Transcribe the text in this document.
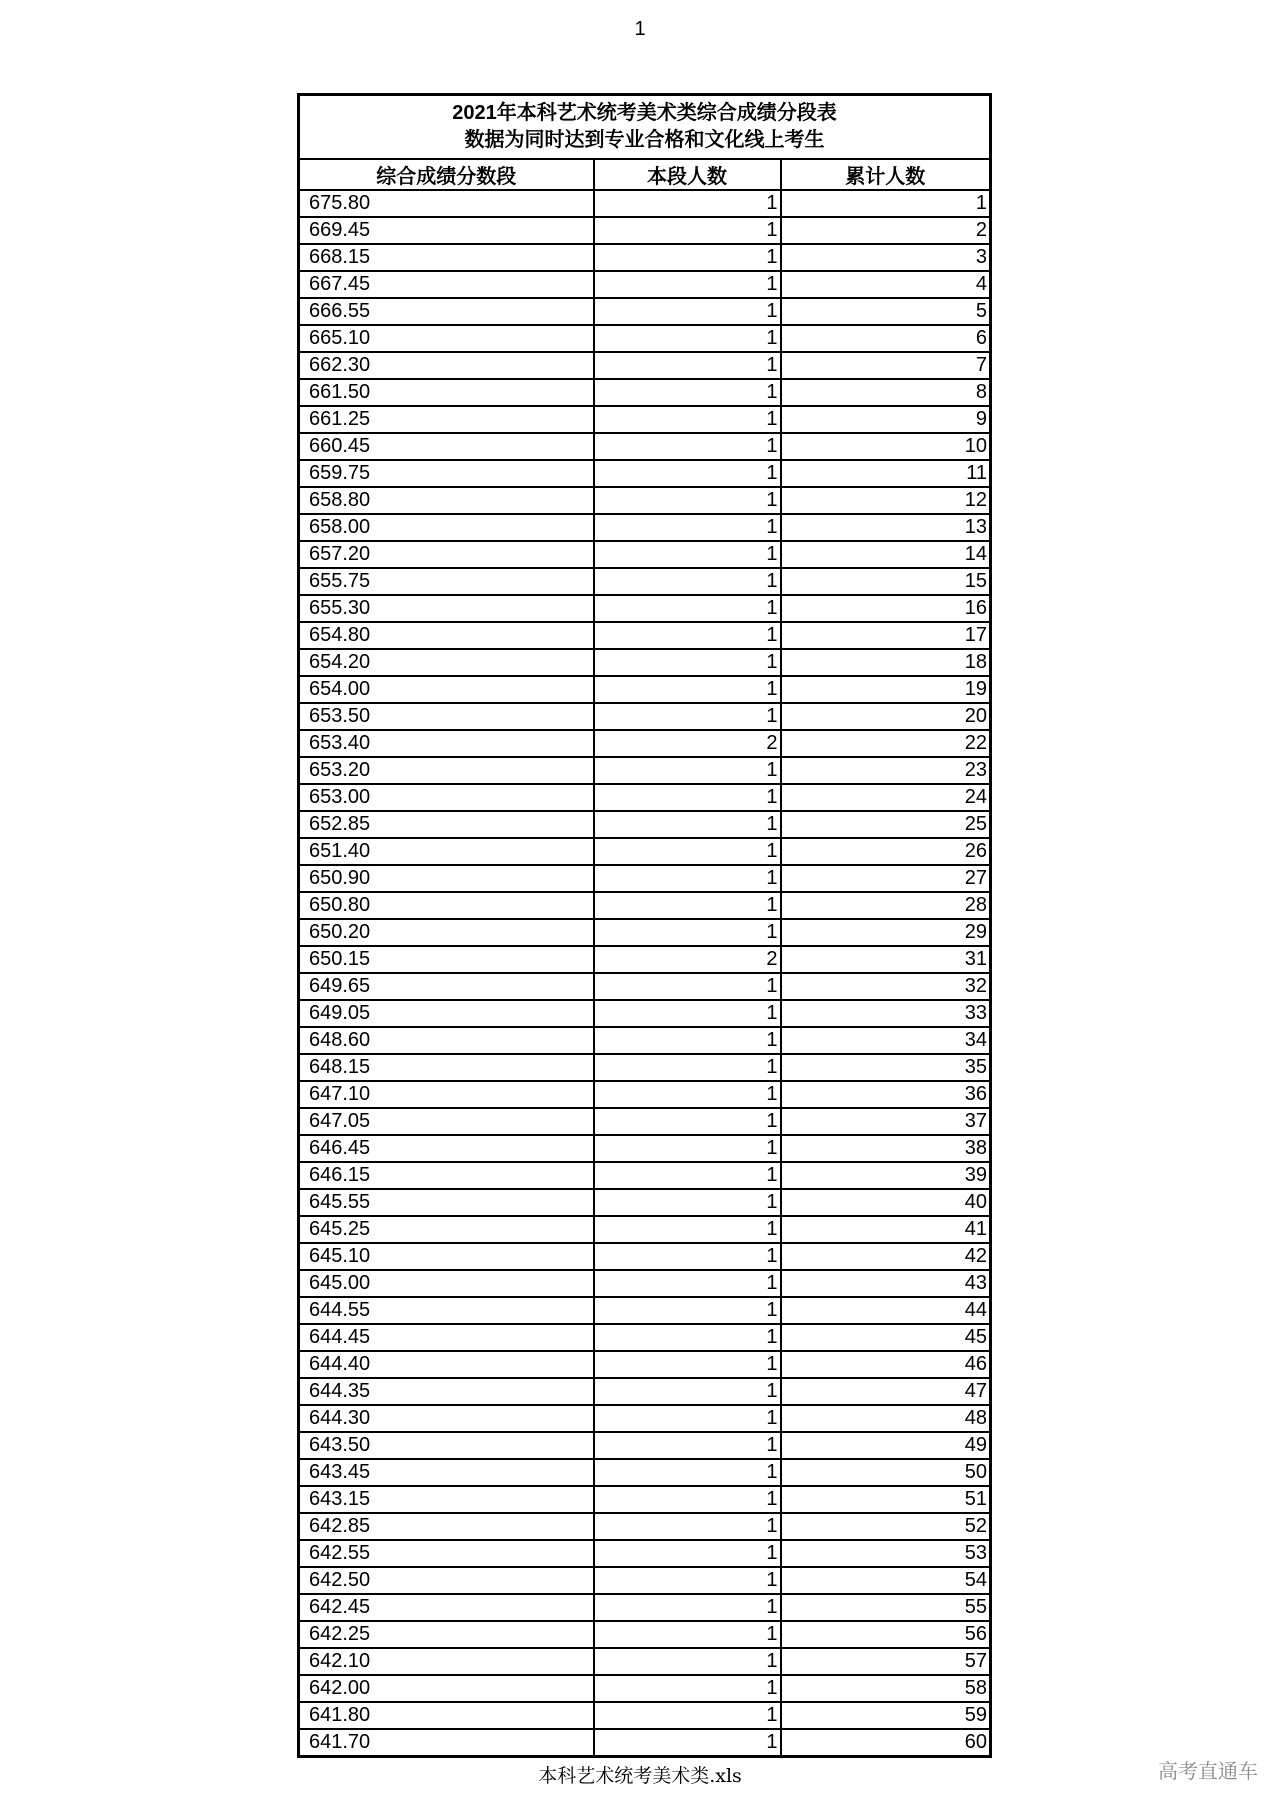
1
2021年本科艺术统考美术类综合成绩分段表
数据为同时达到专业合格和文化线上考生		

综合成绩分数段	本段人数	累计人数
675.80	1	1
669.45	1	2
668.15	1	3
667.45	1	4
666.55	1	5
665.10	1	6
662.30	1	7
661.50	1	8
661.25	1	9
660.45	1	10
659.75	1	11
658.80	1	12
658.00	1	13
657.20	1	14
655.75	1	15
655.30	1	16
654.80	1	17
654.20	1	18
654.00	1	19
653.50	1	20
653.40	2	22
653.20	1	23
653.00	1	24
652.85	1	25
651.40	1	26
650.90	1	27
650.80	1	28
650.20	1	29
650.15	2	31
649.65	1	32
649.05	1	33
648.60	1	34
648.15	1	35
647.10	1	36
647.05	1	37
646.45	1	38
646.15	1	39
645.55	1	40
645.25	1	41
645.10	1	42
645.00	1	43
644.55	1	44
644.45	1	45
644.40	1	46
644.35	1	47
644.30	1	48
643.50	1	49
643.45	1	50
643.15	1	51
642.85	1	52
642.55	1	53
642.50	1	54
642.45	1	55
642.25	1	56
642.10	1	57
642.00	1	58
641.80	1	59
641.70	1	60
本科艺术统考美术类.xls	高考直通车
